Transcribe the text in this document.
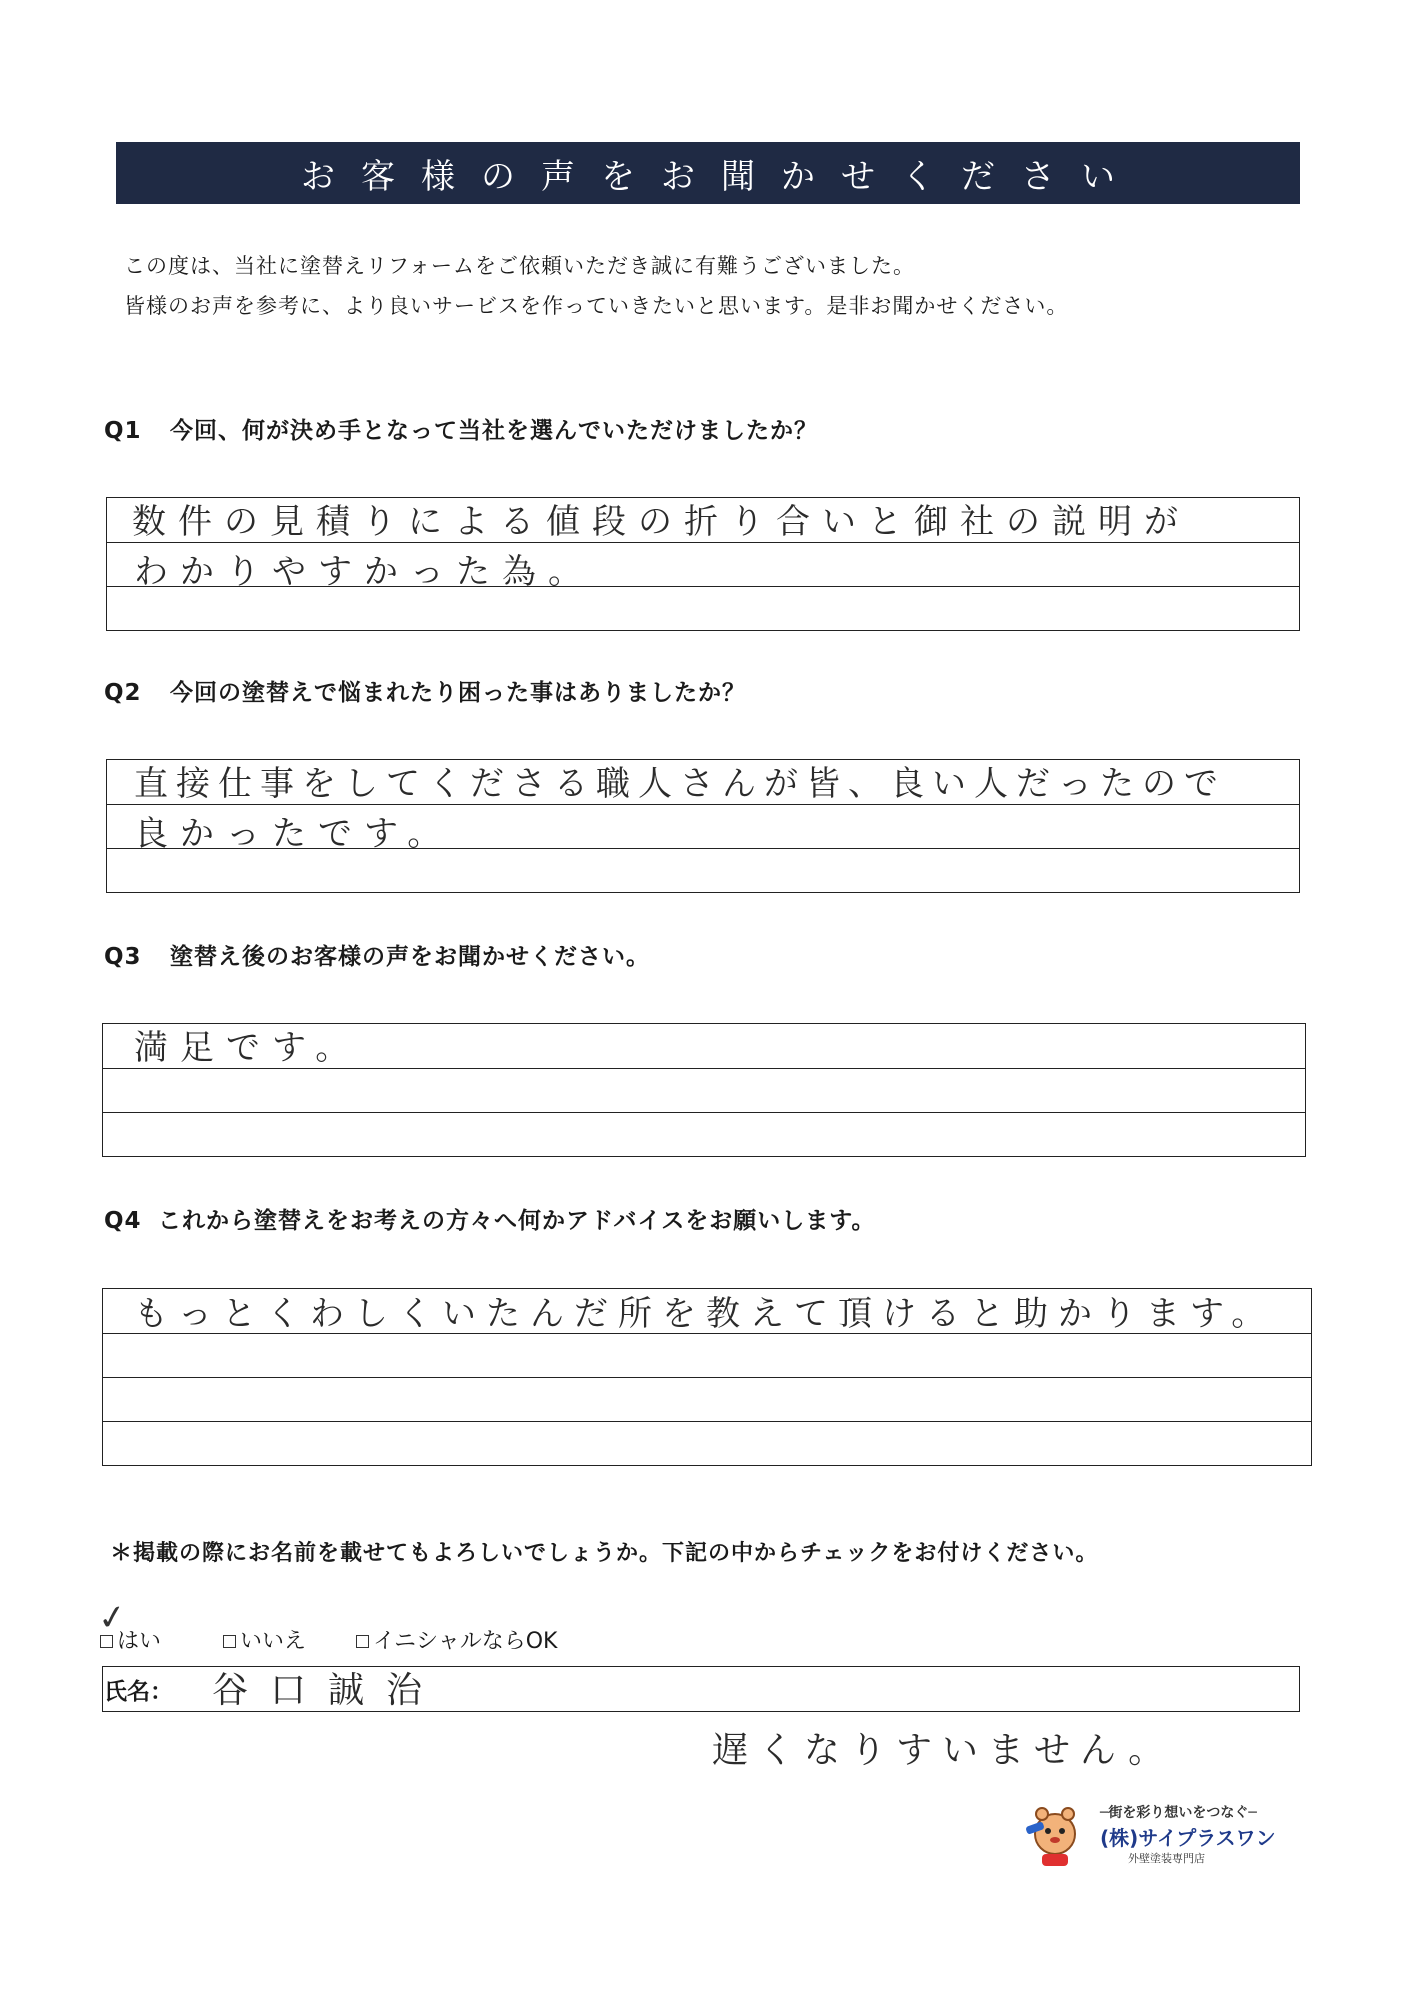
お客様の声をお聞かせください
この度は、当社に塗替えリフォームをご依頼いただき誠に有難うございました。
皆様のお声を参考に、より良いサービスを作っていきたいと思います。是非お聞かせください。
Q1 今回、何が決め手となって当社を選んでいただけましたか？
数件の見積りによる値段の折り合いと御社の説明が
わかりやすかった為。
Q2 今回の塗替えで悩まれたり困った事はありましたか？
直接仕事をしてくださる職人さんが皆、良い人だったので
良かったです。
Q3 塗替え後のお客様の声をお聞かせください。
満足です。
Q4 これから塗替えをお考えの方々へ何かアドバイスをお願いします。
もっとくわしくいたんだ所を教えて頂けると助かります。
＊掲載の際にお名前を載せてもよろしいでしょうか。下記の中からチェックをお付けください。
✓
はい	いいえ	イニシャルならOK
氏名： 谷口誠治
遅くなりすいません。
─街を彩り想いをつなぐ─
(株)サイプラスワン
外壁塗装専門店
